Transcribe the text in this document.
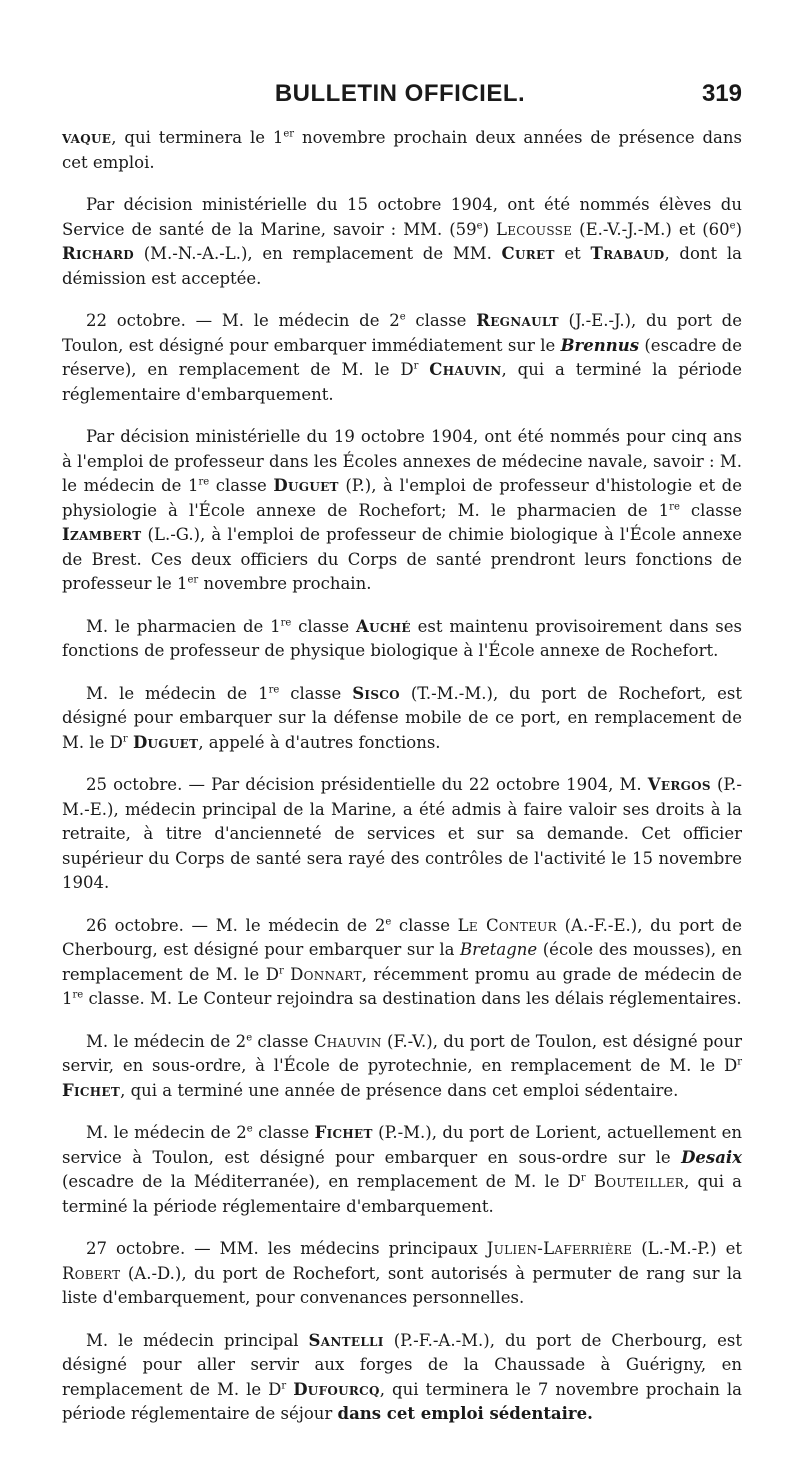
BULLETIN OFFICIEL.	319

vaque, qui terminera le 1er novembre prochain deux années de présence dans cet emploi.

Par décision ministérielle du 15 octobre 1904, ont été nommés élèves du Service de santé de la Marine, savoir : MM. (59e) Lecousse (E.-V.-J.-M.) et (60e) Richard (M.-N.-A.-L.), en remplacement de MM. Curet et Trabaud, dont la démission est acceptée.

22 octobre. — M. le médecin de 2e classe Regnault (J.-E.-J.), du port de Toulon, est désigné pour embarquer immédiatement sur le Brennus (escadre de réserve), en remplacement de M. le $D^r$ Chauvin, qui a terminé la période réglementaire d'embarquement.

Par décision ministérielle du 19 octobre 1904, ont été nommés pour cinq ans à l'emploi de professeur dans les Écoles annexes de médecine navale, savoir : M. le médecin de 1re classe Duguet (P.), à l'emploi de professeur d'histologie et de physiologie à l'École annexe de Rochefort; M. le pharmacien de 1re classe Izambert (L.-G.), à l'emploi de professeur de chimie biologique à l'École annexe de Brest. Ces deux officiers du Corps de santé prendront leurs fonctions de professeur le 1er novembre prochain.

M. le pharmacien de 1re classe Auché est maintenu provisoirement dans ses fonctions de professeur de physique biologique à l'École annexe de Rochefort.

M. le médecin de 1re classe Sisco (T.-M.-M.), du port de Rochefort, est désigné pour embarquer sur la défense mobile de ce port, en remplacement de M. le $D^r$ Duguet, appelé à d'autres fonctions.

25 octobre. — Par décision présidentielle du 22 octobre 1904, M. Vergos (P.-M.-E.), médecin principal de la Marine, a été admis à faire valoir ses droits à la retraite, à titre d'ancienneté de services et sur sa demande. Cet officier supérieur du Corps de santé sera rayé des contrôles de l'activité le 15 novembre 1904.

26 octobre. — M. le médecin de 2e classe Le Conteur (A.-F.-E.), du port de Cherbourg, est désigné pour embarquer sur la Bretagne (école des mousses), en remplacement de M. le $D^r$ Donnart, récemment promu au grade de médecin de 1re classe. M. Le Conteur rejoindra sa destination dans les délais réglementaires.

M. le médecin de 2e classe Chauvin (F.-V.), du port de Toulon, est désigné pour servir, en sous-ordre, à l'École de pyrotechnie, en remplacement de M. le $D^r$ Fichet, qui a terminé une année de présence dans cet emploi sédentaire.

M. le médecin de 2e classe Fichet (P.-M.), du port de Lorient, actuellement en service à Toulon, est désigné pour embarquer en sous-ordre sur le Desaix (escadre de la Méditerranée), en remplacement de M. le $D^r$ Bouteiller, qui a terminé la période réglementaire d'embarquement.

27 octobre. — MM. les médecins principaux Julien-Laferrière (L.-M.-P.) et Robert (A.-D.), du port de Rochefort, sont autorisés à permuter de rang sur la liste d'embarquement, pour convenances personnelles.

M. le médecin principal Santelli (P.-F.-A.-M.), du port de Cherbourg, est désigné pour aller servir aux forges de la Chaussade à Guérigny, en remplacement de M. le $D^r$ Dufourcq, qui terminera le 7 novembre prochain la période réglementaire de séjour dans cet emploi sédentaire.
